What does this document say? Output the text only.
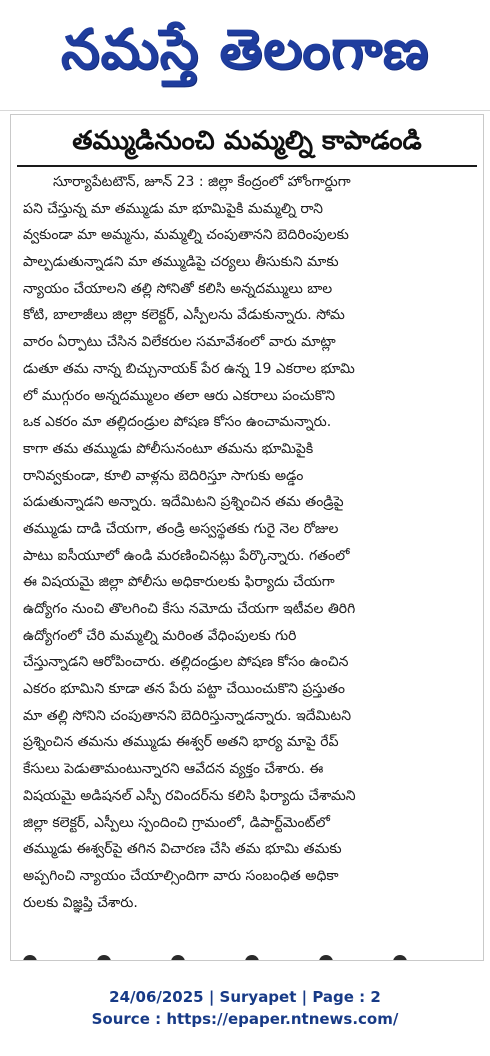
నమస్తే తెలంగాణ
తమ్ముడినుంచి మమ్మల్ని కాపాడండి
సూర్యాపేటటౌన్, జూన్ 23 : జిల్లా కేంద్రంలో హోంగార్డుగా
పని చేస్తున్న మా తమ్ముడు మా భూమిపైకి మమ్మల్ని రాని
వ్వకుండా మా అమ్మను, మమ్మల్ని చంపుతానని బెదిరింపులకు
పాల్పడుతున్నాడని మా తమ్ముడిపై చర్యలు తీసుకుని మాకు
న్యాయం చేయాలని తల్లి సోనితో కలిసి అన్నదమ్ములు బాల
కోటి, బాలాజీలు జిల్లా కలెక్టర్, ఎస్పీలను వేడుకున్నారు. సోమ
వారం ఏర్పాటు చేసిన విలేకరుల సమావేశంలో వారు మాట్లా
డుతూ తమ నాన్న బిచ్చునాయక్ పేర ఉన్న 19 ఎకరాల భూమి
లో ముగ్గురం అన్నదమ్ములం తలా ఆరు ఎకరాలు పంచుకొని
ఒక ఎకరం మా తల్లిదండ్రుల పోషణ కోసం ఉంచామన్నారు.
కాగా తమ తమ్ముడు పోలీసునంటూ తమను భూమిపైకి
రానివ్వకుండా, కూలి వాళ్లను బెదిరిస్తూ సాగుకు అడ్డం
పడుతున్నాడని అన్నారు. ఇదేమిటని ప్రశ్నించిన తమ తండ్రిపై
తమ్ముడు దాడి చేయగా, తండ్రి అస్వస్థతకు గురై నెల రోజుల
పాటు ఐసీయూలో ఉండి మరణించినట్లు పేర్కొన్నారు. గతంలో
ఈ విషయమై జిల్లా పోలీసు అధికారులకు ఫిర్యాదు చేయగా
ఉద్యోగం నుంచి తొలగించి కేసు నమోదు చేయగా ఇటీవల తిరిగి
ఉద్యోగంలో చేరి మమ్మల్ని మరింత వేధింపులకు గురి
చేస్తున్నాడని ఆరోపించారు. తల్లిదండ్రుల పోషణ కోసం ఉంచిన
ఎకరం భూమిని కూడా తన పేరు పట్టా చేయించుకొని ప్రస్తుతం
మా తల్లి సోనిని చంపుతానని బెదిరిస్తున్నాడన్నారు. ఇదేమిటని
ప్రశ్నించిన తమను తమ్ముడు ఈశ్వర్ అతని భార్య మాపై రేప్
కేసులు పెడుతామంటున్నారని ఆవేదన వ్యక్తం చేశారు. ఈ
విషయమై అడిషనల్ ఎస్పీ రవిందర్‌ను కలిసి ఫిర్యాదు చేశామని
జిల్లా కలెక్టర్, ఎస్పీలు స్పందించి గ్రామంలో, డిపార్ట్‌మెంట్‌లో
తమ్ముడు ఈశ్వర్‌పై తగిన విచారణ చేసి తమ భూమి తమకు
అప్పగించి న్యాయం చేయాల్సిందిగా వారు సంబంధిత అధికా
రులకు విజ్ఞప్తి చేశారు.
24/06/2025 | Suryapet | Page : 2
Source : https://epaper.ntnews.com/
